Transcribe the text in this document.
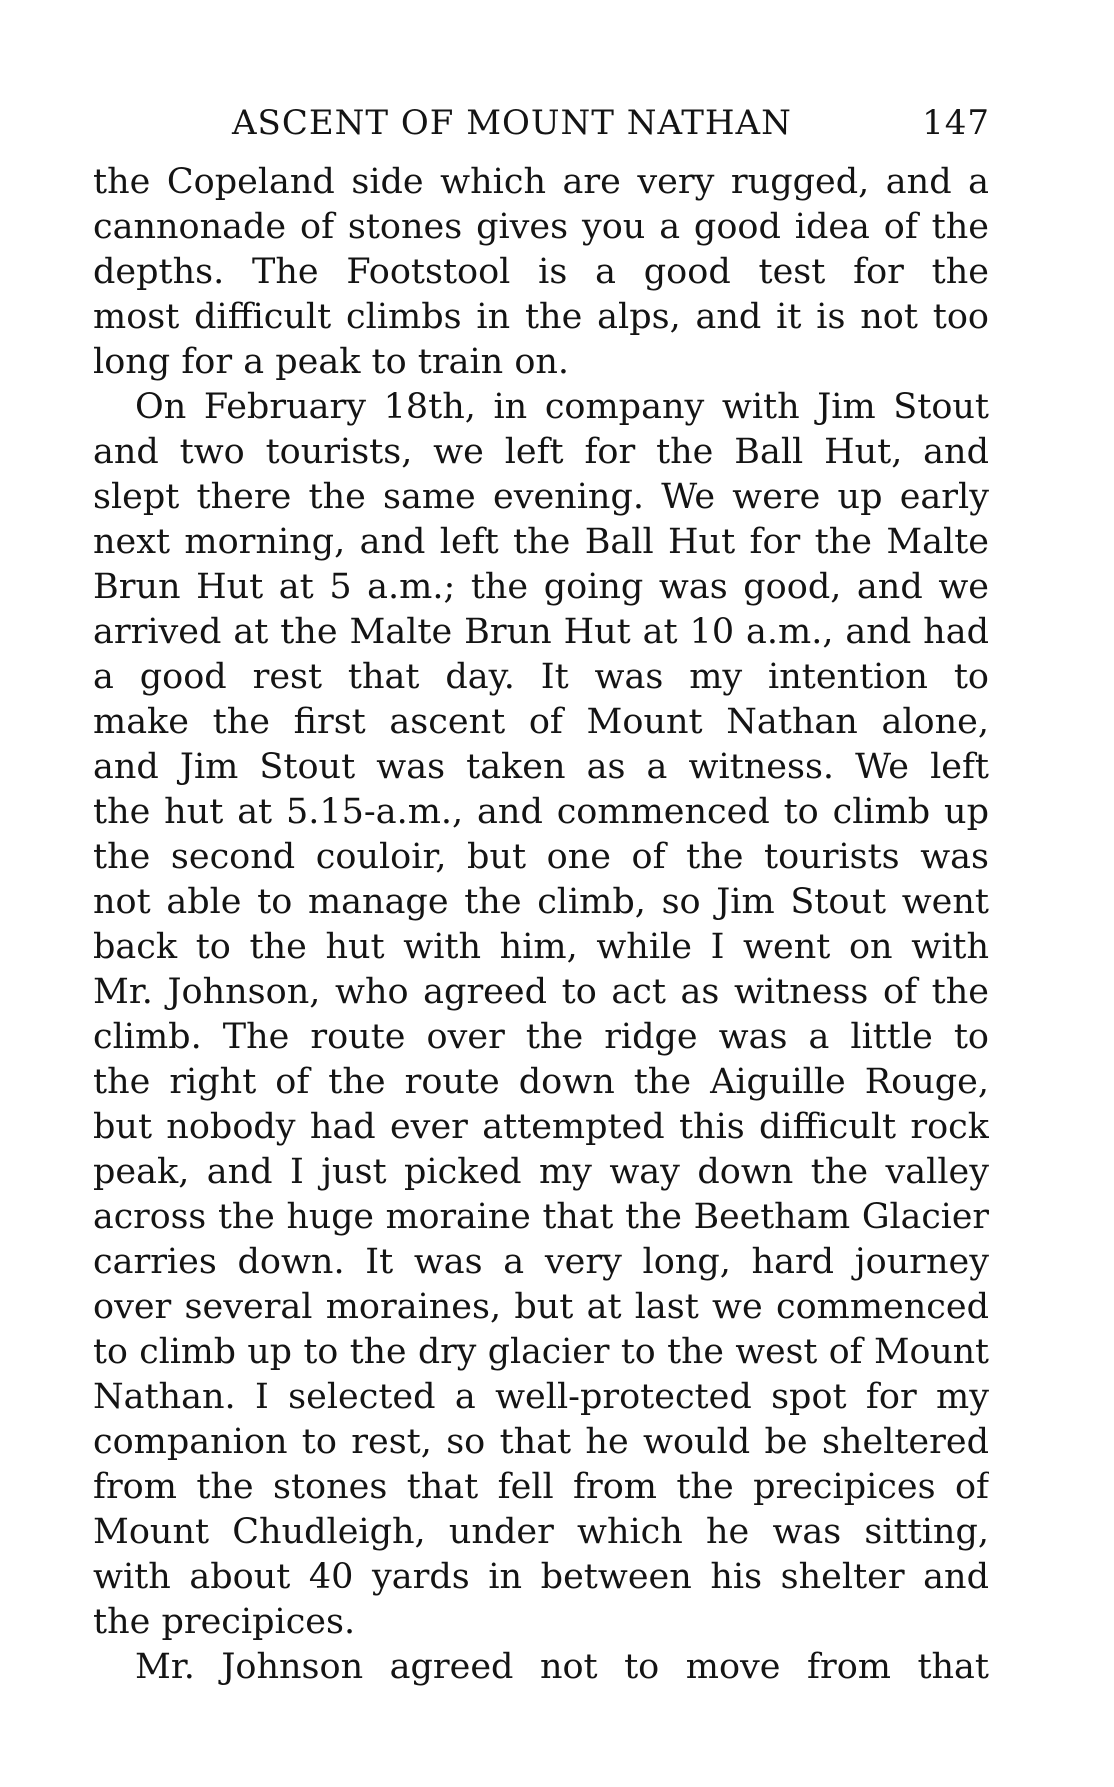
ASCENT OF MOUNT NATHAN	147
the Copeland side which are very rugged, and a
cannonade of stones gives you a good idea of the
depths. The Footstool is a good test for the
most difficult climbs in the alps, and it is not too
long for a peak to train on.
On February 18th, in company with Jim Stout
and two tourists, we left for the Ball Hut, and
slept there the same evening. We were up early
next morning, and left the Ball Hut for the Malte
Brun Hut at 5 a.m.; the going was good, and we
arrived at the Malte Brun Hut at 10 a.m., and had
a good rest that day. It was my intention to
make the first ascent of Mount Nathan alone,
and Jim Stout was taken as a witness. We left
the hut at 5.15-a.m., and commenced to climb up
the second couloir, but one of the tourists was
not able to manage the climb, so Jim Stout went
back to the hut with him, while I went on with
Mr. Johnson, who agreed to act as witness of the
climb. The route over the ridge was a little to
the right of the route down the Aiguille Rouge,
but nobody had ever attempted this difficult rock
peak, and I just picked my way down the valley
across the huge moraine that the Beetham Glacier
carries down. It was a very long, hard journey
over several moraines, but at last we commenced
to climb up to the dry glacier to the west of Mount
Nathan. I selected a well-protected spot for my
companion to rest, so that he would be sheltered
from the stones that fell from the precipices of
Mount Chudleigh, under which he was sitting,
with about 40 yards in between his shelter and
the precipices.
Mr. Johnson agreed not to move from that
